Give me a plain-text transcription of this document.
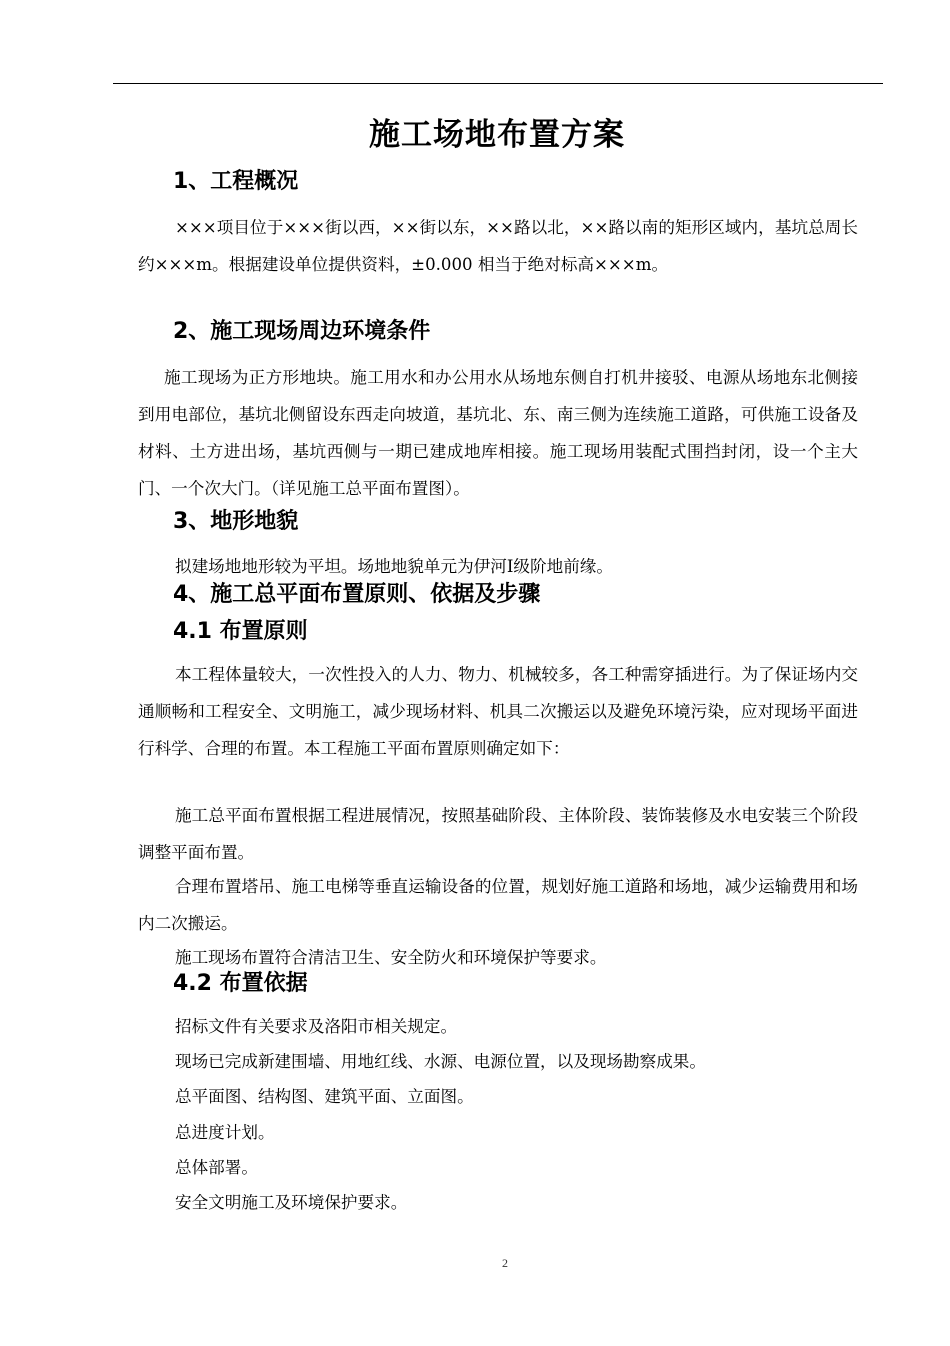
施工场地布置方案
1、工程概况

×××项目位于×××街以西，××街以东，××路以北，××路以南的矩形区域内，基坑总周长约×××m。根据建设单位提供资料，±0.000 相当于绝对标高×××m。

2、施工现场周边环境条件

施工现场为正方形地块。施工用水和办公用水从场地东侧自打机井接驳、电源从场地东北侧接到用电部位，基坑北侧留设东西走向坡道，基坑北、东、南三侧为连续施工道路，可供施工设备及材料、土方进出场，基坑西侧与一期已建成地库相接。施工现场用装配式围挡封闭，设一个主大门、一个次大门。（详见施工总平面布置图）。

3、地形地貌

拟建场地地形较为平坦。场地地貌单元为伊河Ⅰ级阶地前缘。

4、施工总平面布置原则、依据及步骤
4.1 布置原则

本工程体量较大，一次性投入的人力、物力、机械较多，各工种需穿插进行。为了保证场内交通顺畅和工程安全、文明施工，减少现场材料、机具二次搬运以及避免环境污染，应对现场平面进行科学、合理的布置。本工程施工平面布置原则确定如下：

施工总平面布置根据工程进展情况，按照基础阶段、主体阶段、装饰装修及水电安装三个阶段调整平面布置。

合理布置塔吊、施工电梯等垂直运输设备的位置，规划好施工道路和场地，减少运输费用和场内二次搬运。

施工现场布置符合清洁卫生、安全防火和环境保护等要求。

4.2 布置依据

招标文件有关要求及洛阳市相关规定。

现场已完成新建围墙、用地红线、水源、电源位置，以及现场勘察成果。

总平面图、结构图、建筑平面、立面图。

总进度计划。

总体部署。

安全文明施工及环境保护要求。

2
